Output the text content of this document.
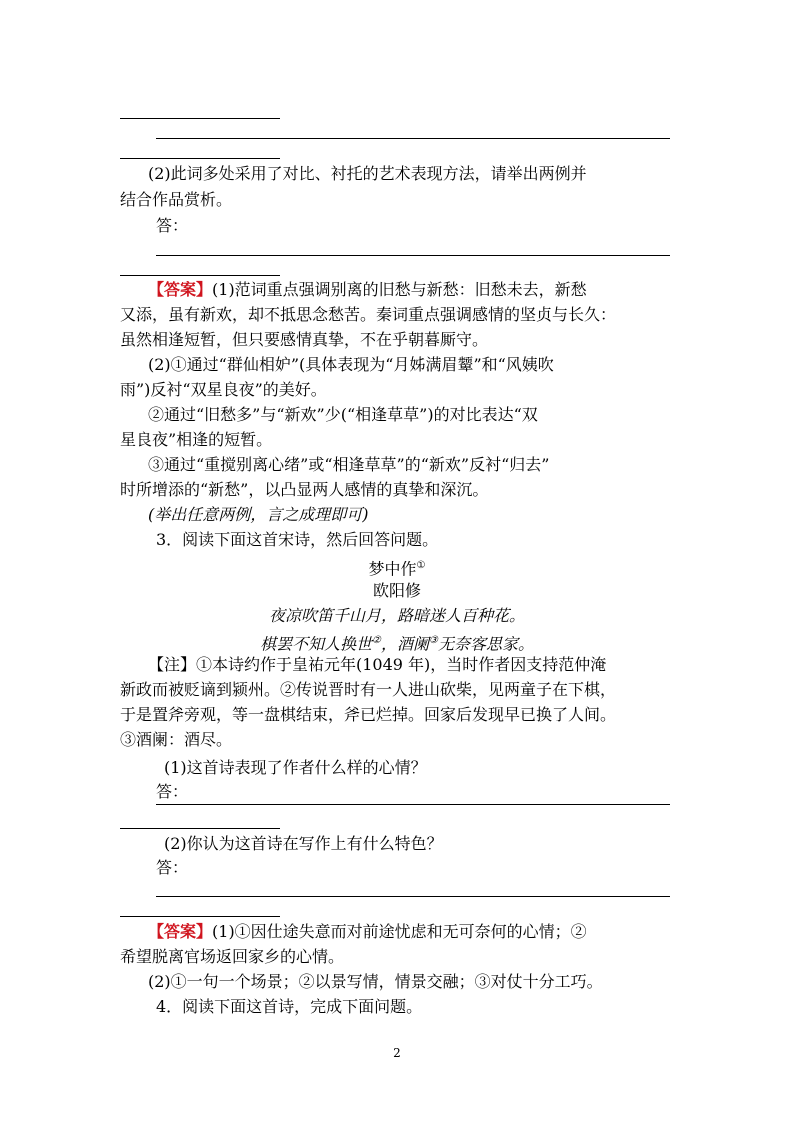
(2)此词多处采用了对比、衬托的艺术表现方法，请举出两例并
结合作品赏析。
答：
【答案】(1)范词重点强调别离的旧愁与新愁：旧愁未去，新愁
又添，虽有新欢，却不抵思念愁苦。秦词重点强调感情的坚贞与长久：
虽然相逢短暂，但只要感情真挚，不在乎朝暮厮守。
(2)①通过“群仙相妒”(具体表现为“月姊满眉颦”和“风姨吹
雨”)反衬“双星良夜”的美好。
②通过“旧愁多”与“新欢”少(“相逢草草”)的对比表达“双
星良夜”相逢的短暂。
③通过“重搅别离心绪”或“相逢草草”的“新欢”反衬“归去”
时所增添的“新愁”，以凸显两人感情的真挚和深沉。
(举出任意两例，言之成理即可)
3．阅读下面这首宋诗，然后回答问题。
梦中作①
欧阳修
夜凉吹笛千山月，路暗迷人百种花。
棋罢不知人换世②，酒阑③无奈客思家。
【注】①本诗约作于皇祐元年(1049 年)，当时作者因支持范仲淹
新政而被贬谪到颍州。②传说晋时有一人进山砍柴，见两童子在下棋，
于是置斧旁观，等一盘棋结束，斧已烂掉。回家后发现早已换了人间。
③酒阑：酒尽。
(1)这首诗表现了作者什么样的心情？
答：
(2)你认为这首诗在写作上有什么特色？
答：
【答案】(1)①因仕途失意而对前途忧虑和无可奈何的心情；②
希望脱离官场返回家乡的心情。
(2)①一句一个场景；②以景写情，情景交融；③对仗十分工巧。
4．阅读下面这首诗，完成下面问题。
2
